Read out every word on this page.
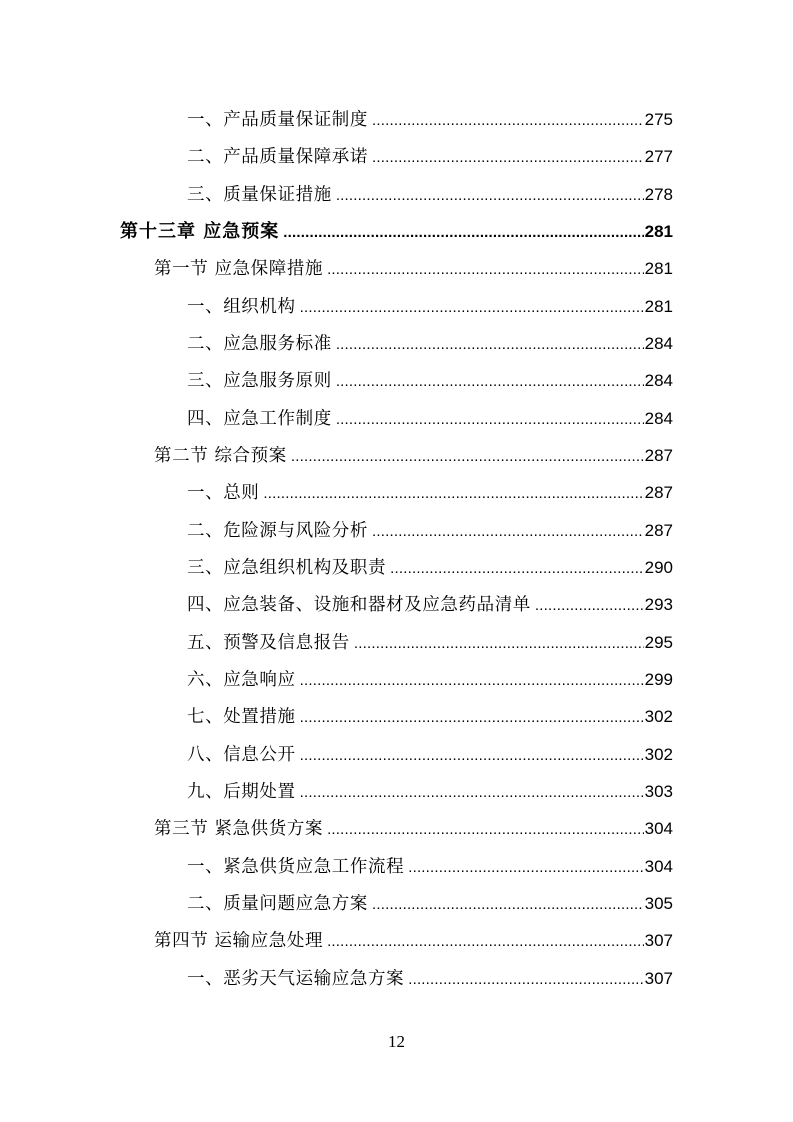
一、产品质量保证制度 .....	275
二、产品质量保障承诺 .....	277
三、质量保证措施 .....	278
第十三章 应急预案 .....	281
第一节 应急保障措施 .....	281
一、组织机构 .....	281
二、应急服务标准 .....	284
三、应急服务原则 .....	284
四、应急工作制度 .....	284
第二节 综合预案 .....	287
一、总则 .....	287
二、危险源与风险分析 .....	287
三、应急组织机构及职责 .....	290
四、应急装备、设施和器材及应急药品清单 .....	293
五、预警及信息报告 .....	295
六、应急响应 .....	299
七、处置措施 .....	302
八、信息公开 .....	302
九、后期处置 .....	303
第三节 紧急供货方案 .....	304
一、紧急供货应急工作流程 .....	304
二、质量问题应急方案 .....	305
第四节 运输应急处理 .....	307
一、恶劣天气运输应急方案 .....	307
12
